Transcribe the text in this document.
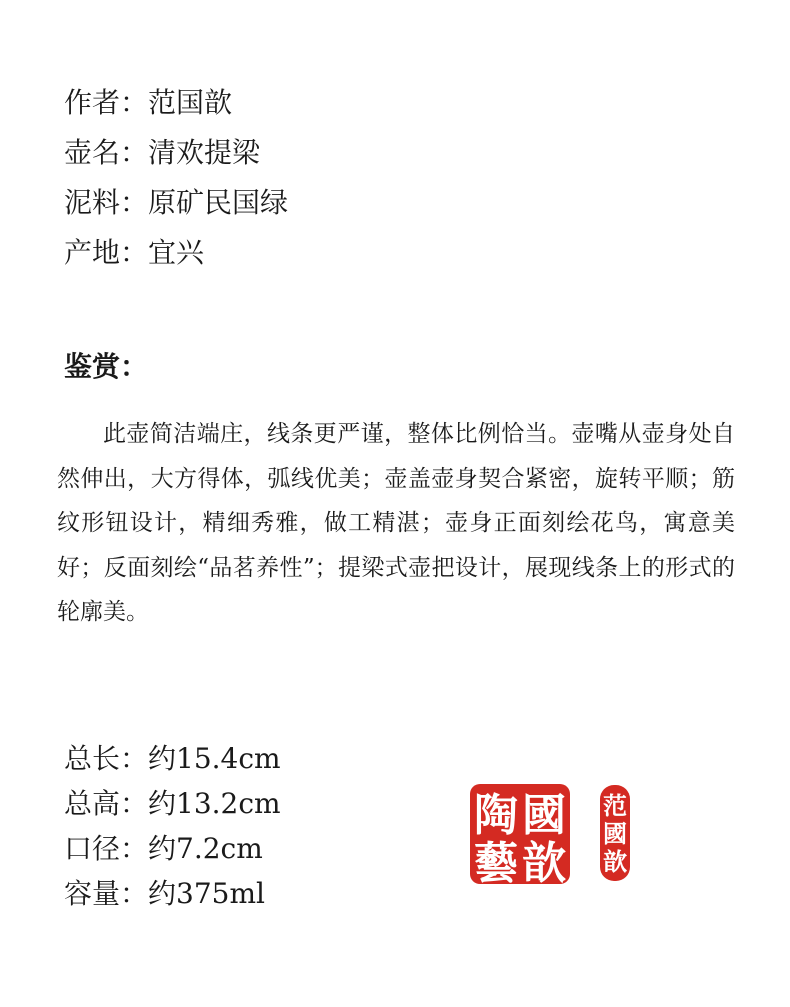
作者：范国歆
壶名：清欢提梁
泥料：原矿民国绿
产地：宜兴
鉴赏：

此壶简洁端庄，线条更严谨，整体比例恰当。壶嘴从壶身处自然伸出，大方得体，弧线优美；壶盖壶身契合紧密，旋转平顺；筋纹形钮设计，精细秀雅，做工精湛；壶身正面刻绘花鸟，寓意美好；反面刻绘“品茗养性”；提梁式壶把设计，展现线条上的形式的轮廓美。

总长：约15.4cm
总高：约13.2cm
口径：约7.2cm
容量：约375ml
國
歆
陶
藝
范
國
歆
